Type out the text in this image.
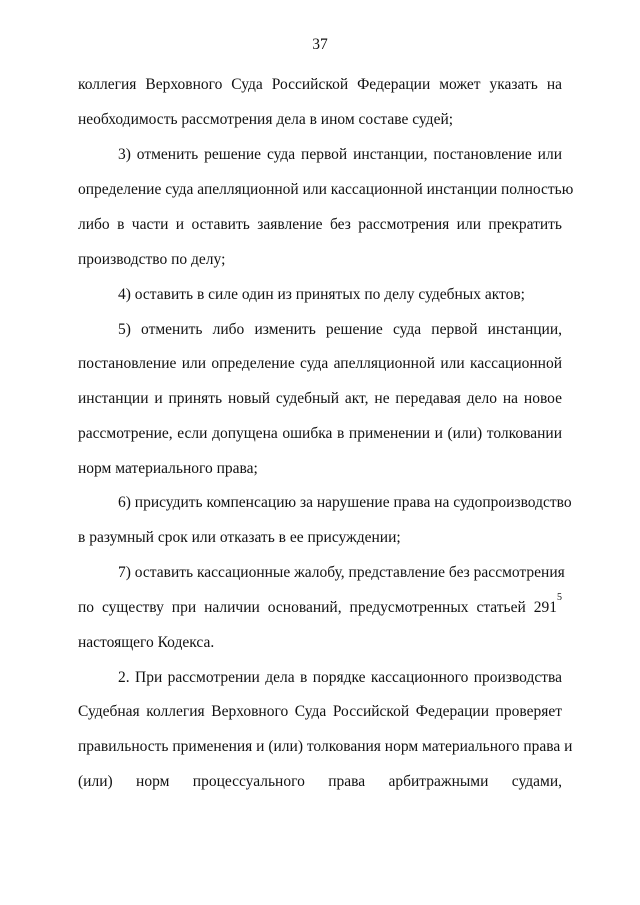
37
коллегия Верховного Суда Российской Федерации может указать на
необходимость рассмотрения дела в ином составе судей;
3) отменить решение суда первой инстанции, постановление или
определение суда апелляционной или кассационной инстанции полностью
либо в части и оставить заявление без рассмотрения или прекратить
производство по делу;
4) оставить в силе один из принятых по делу судебных актов;
5) отменить либо изменить решение суда первой инстанции,
постановление или определение суда апелляционной или кассационной
инстанции и принять новый судебный акт, не передавая дело на новое
рассмотрение, если допущена ошибка в применении и (или) толковании
норм материального права;
6) присудить компенсацию за нарушение права на судопроизводство
в разумный срок или отказать в ее присуждении;
7) оставить кассационные жалобу, представление без рассмотрения
по существу при наличии оснований, предусмотренных статьей 291
$^5$
настоящего Кодекса.
2. При рассмотрении дела в порядке кассационного производства
Судебная коллегия Верховного Суда Российской Федерации проверяет
правильность применения и (или) толкования норм материального права и
(или) норм процессуального права арбитражными судами,
